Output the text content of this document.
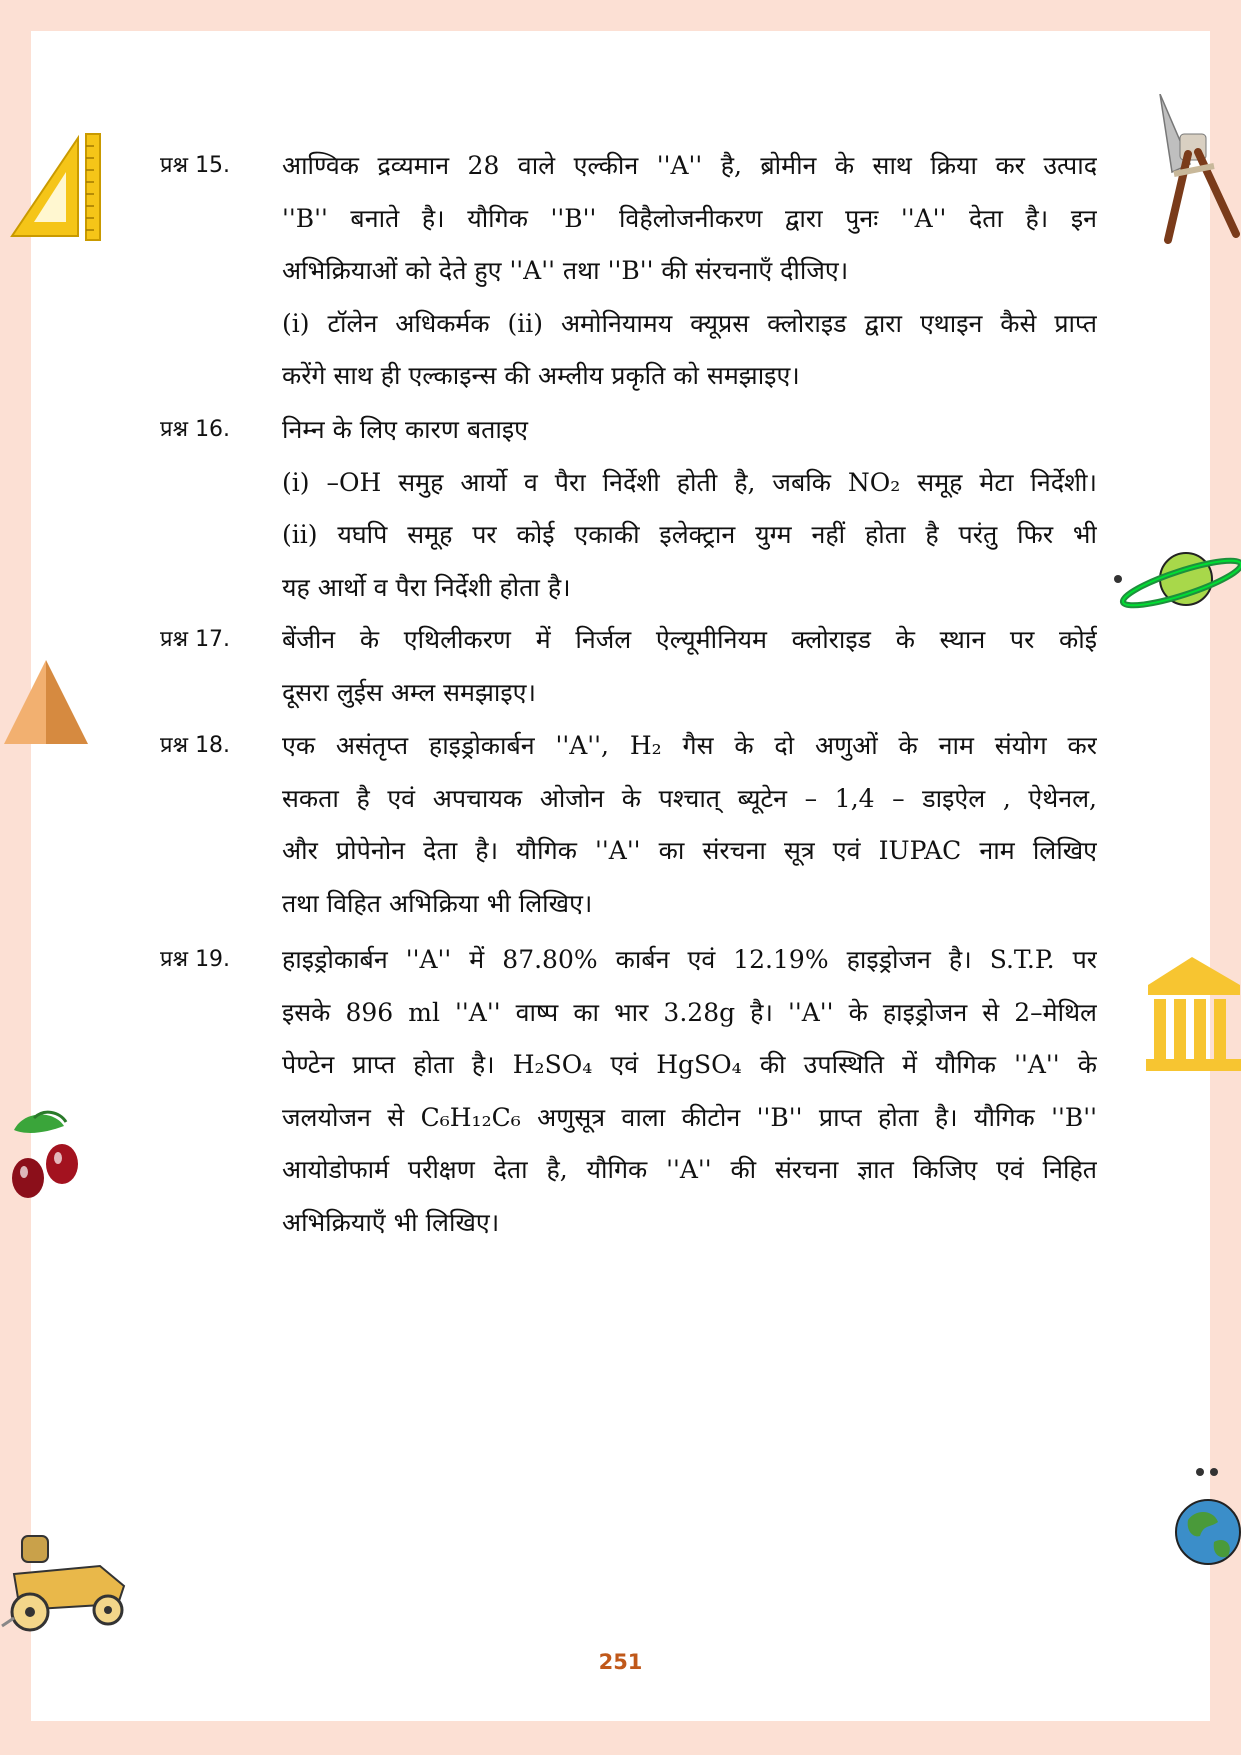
प्रश्न 15.	आण्विक द्रव्यमान 28 वाले एल्कीन ''A'' है, ब्रोमीन के साथ क्रिया कर उत्पाद
''B'' बनाते है। यौगिक ''B'' विहैलोजनीकरण द्वारा पुनः ''A'' देता है। इन
अभिक्रियाओं को देते हुए ''A'' तथा ''B'' की संरचनाएँ दीजिए।
(i) टॉलेन अधिकर्मक (ii) अमोनियामय क्यूप्रस क्लोराइड द्वारा एथाइन कैसे प्राप्त
करेंगे साथ ही एल्काइन्स की अम्लीय प्रकृति को समझाइए।
प्रश्न 16.	निम्न के लिए कारण बताइए
(i) –OH समुह आर्यो व पैरा निर्देशी होती है, जबकि NO₂ समूह मेटा निर्देशी।
(ii) यघपि समूह पर कोई एकाकी इलेक्ट्रान युग्म नहीं होता है परंतु फिर भी
यह आर्थो व पैरा निर्देशी होता है।
प्रश्न 17.	बेंजीन के एथिलीकरण में निर्जल ऐल्यूमीनियम क्लोराइड के स्थान पर कोई
दूसरा लुईस अम्ल समझाइए।
प्रश्न 18.	एक असंतृप्त हाइड्रोकार्बन ''A'', H₂ गैस के दो अणुओं के नाम संयोग कर
सकता है एवं अपचायक ओजोन के पश्चात् ब्यूटेन – 1,4 – डाइऐल , ऐथेनल,
और प्रोपेनोन देता है। यौगिक ''A'' का संरचना सूत्र एवं IUPAC नाम लिखिए
तथा विहित अभिक्रिया भी लिखिए।
प्रश्न 19.	हाइड्रोकार्बन ''A'' में 87.80% कार्बन एवं 12.19% हाइड्रोजन है। S.T.P. पर
इसके 896 ml ''A'' वाष्प का भार 3.28g है। ''A'' के हाइड्रोजन से 2–मेथिल
पेण्टेन प्राप्त होता है। H₂SO₄ एवं HgSO₄ की उपस्थिति में यौगिक ''A'' के
जलयोजन से C₆H₁₂C₆ अणुसूत्र वाला कीटोन ''B'' प्राप्त होता है। यौगिक ''B''
आयोडोफार्म परीक्षण देता है, यौगिक ''A'' की संरचना ज्ञात किजिए एवं निहित
अभिक्रियाएँ भी लिखिए।
251
